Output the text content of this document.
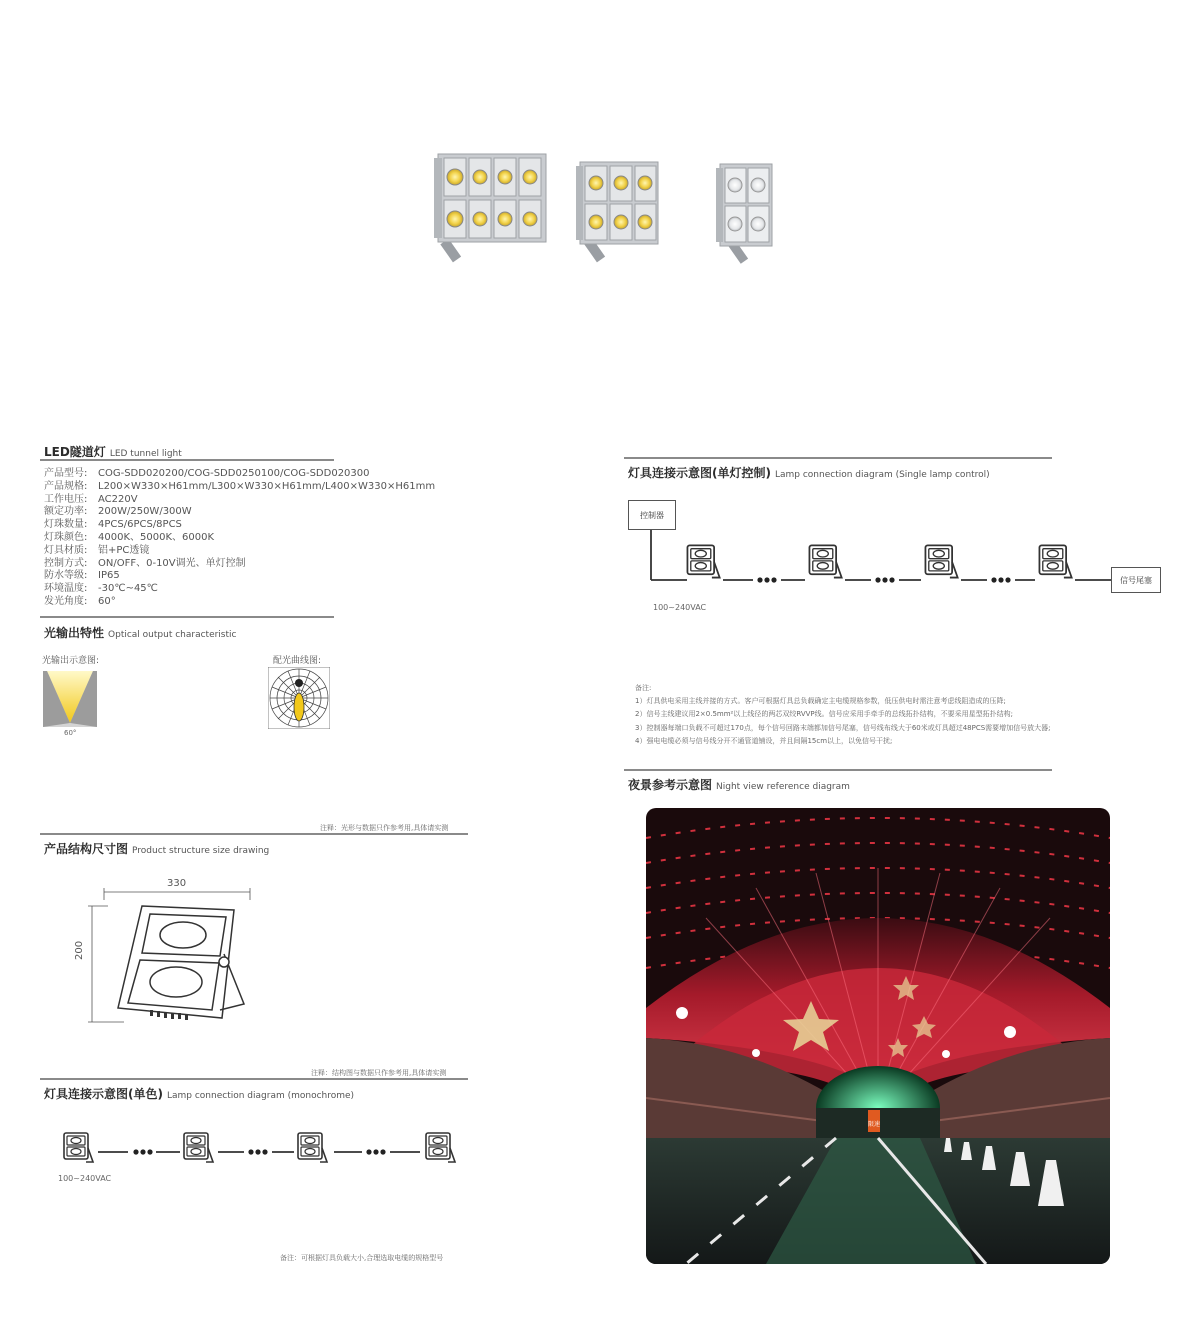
LED隧道灯 LED tunnel light
产品型号: COG-SDD020200/COG-SDD0250100/COG-SDD020300
产品规格: L200×W330×H61mm/L300×W330×H61mm/L400×W330×H61mm
工作电压: AC220V
额定功率: 200W/250W/300W
灯珠数量: 4PCS/6PCS/8PCS
灯珠颜色: 4000K、5000K、6000K
灯具材质: 铝+PC透镜
控制方式: ON/OFF、0-10V调光、单灯控制
防水等级: IP65
环境温度: -30℃~45℃
发光角度: 60°
光输出特性 Optical output characteristic
光输出示意图:	配光曲线图:
60°
注释：光形与数据只作参考用,具体请实测
产品结构尺寸图 Product structure size drawing
330
200
注释：结构图与数据只作参考用,具体请实测
灯具连接示意图(单色) Lamp connection diagram (monochrome)
100~240VAC
备注：可根据灯具负载大小,合理选取电缆的规格型号
灯具连接示意图(单灯控制) Lamp connection diagram (Single lamp control)
控制器
信号尾塞
100~240VAC
备注:
1）灯具供电采用主线并接的方式。客户可根据灯具总负载确定主电缆规格参数，低压供电时需注意考虑线阻造成的压降;
2）信号主线建议用2×0.5mm²以上线径的两芯双绞RVVP线。信号应采用手牵手的总线拓扑结构，不要采用星型拓扑结构;
3）控制器每端口负载不可超过170点，每个信号回路末端都加信号尾塞，信号线布线大于60米或灯具超过48PCS需要增加信号放大器;
4）强电电缆必须与信号线分开不通管道铺设，并且间隔15cm以上，以免信号干扰;
夜景参考示意图 Night view reference diagram
限速
